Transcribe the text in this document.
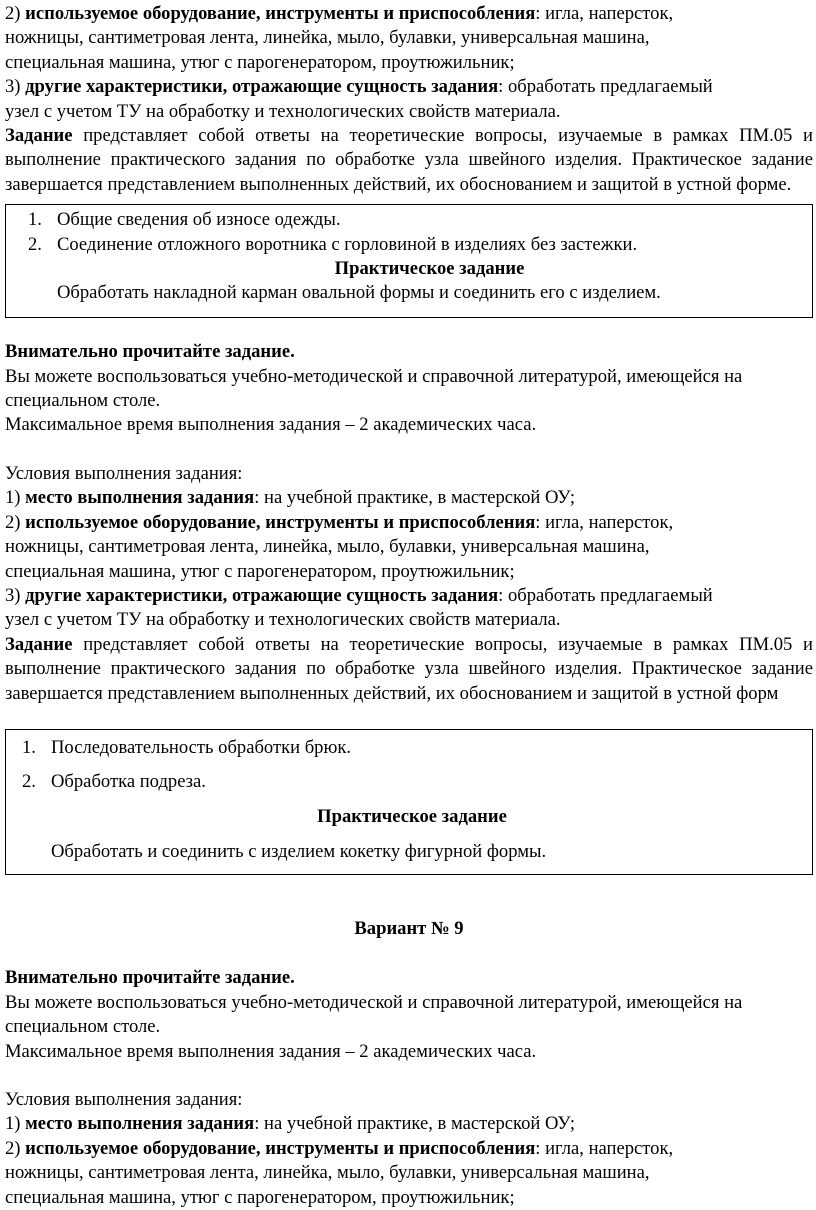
2) используемое оборудование, инструменты и приспособления: игла, наперсток,

ножницы, сантиметровая лента, линейка, мыло, булавки, универсальная машина,

специальная машина, утюг с парогенератором, проутюжильник;

3) другие характеристики, отражающие сущность задания: обработать предлагаемый

узел с учетом ТУ на обработку и технологических свойств материала.

Задание представляет собой ответы на теоретические вопросы, изучаемые в рамках ПМ.05 и выполнение практического задания по обработке узла швейного изделия. Практическое задание завершается представлением выполненных действий, их обоснованием и защитой в устной форме.

1. Общие сведения об износе одежды.
2. Соединение отложного воротника с горловиной в изделиях без застежки.

Практическое задание

Обработать накладной карман овальной формы и соединить его с изделием.

Внимательно прочитайте задание.

Вы можете воспользоваться учебно-методической и справочной литературой, имеющейся на

специальном столе.

Максимальное время выполнения задания – 2 академических часа.

Условия выполнения задания:

1) место выполнения задания: на учебной практике, в мастерской ОУ;

2) используемое оборудование, инструменты и приспособления: игла, наперсток,

ножницы, сантиметровая лента, линейка, мыло, булавки, универсальная машина,

специальная машина, утюг с парогенератором, проутюжильник;

3) другие характеристики, отражающие сущность задания: обработать предлагаемый

узел с учетом ТУ на обработку и технологических свойств материала.

Задание представляет собой ответы на теоретические вопросы, изучаемые в рамках ПМ.05 и выполнение практического задания по обработке узла швейного изделия. Практическое задание завершается представлением выполненных действий, их обоснованием и защитой в устной форм

1. Последовательность обработки брюк.
2. Обработка подреза.

Практическое задание

Обработать и соединить с изделием кокетку фигурной формы.

Вариант № 9

Внимательно прочитайте задание.

Вы можете воспользоваться учебно-методической и справочной литературой, имеющейся на

специальном столе.

Максимальное время выполнения задания – 2 академических часа.

Условия выполнения задания:

1) место выполнения задания: на учебной практике, в мастерской ОУ;

2) используемое оборудование, инструменты и приспособления: игла, наперсток,

ножницы, сантиметровая лента, линейка, мыло, булавки, универсальная машина,

специальная машина, утюг с парогенератором, проутюжильник;
